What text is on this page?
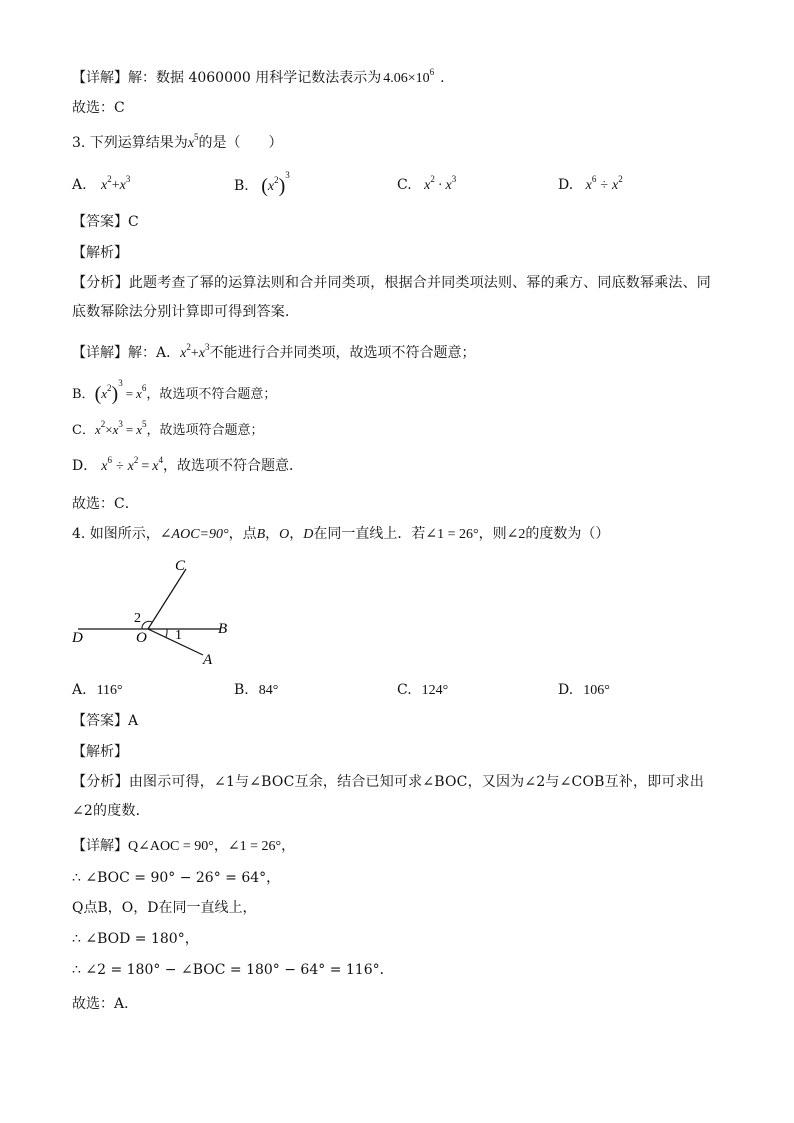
【详解】解：数据 4060000 用科学记数法表示为 $4.06\times 10^6$ .
故选：C
3. 下列运算结果为$x^5$的是（　　）
A. $x^2+x^3$	B. $(x^2)^3$
C. $x^2 \cdot x^3$	D. $x^6 \div x^2$
【答案】C
【解析】
【分析】此题考查了幂的运算法则和合并同类项，根据合并同类项法则、幂的乘方、同底数幂乘法、同底数幂除法分别计算即可得到答案．
【详解】解：A．$x^2+x^3$不能进行合并同类项，故选项不符合题意；
B．$(x^2)^3= x^6$，故选项不符合题意；
C．$x^2\times x^3 = x^5$，故选项符合题意；
D． $x^6 \div x^2 = x^4$，故选项不符合题意．
故选：C．
4. 如图所示，∠AOC=90°，点B，O，D在同一直线上．若∠1 = 26°，则∠2的度数为（）
C
D	O
B
A
1
2
A. 116°	B. 84°	C. 124°	D. 106°
【答案】A
【解析】
【分析】由图示可得，∠1与∠BOC互余，结合已知可求∠BOC，又因为∠2与∠COB互补，即可求出∠2的度数．
【详解】Q∠AOC = 90°，∠1 = 26°，
∴ ∠BOC = 90° − 26° = 64°，
Q点B，O，D在同一直线上，
∴ ∠BOD = 180°，
∴ ∠2 = 180° − ∠BOC = 180° − 64° = 116°．
故选：A．
